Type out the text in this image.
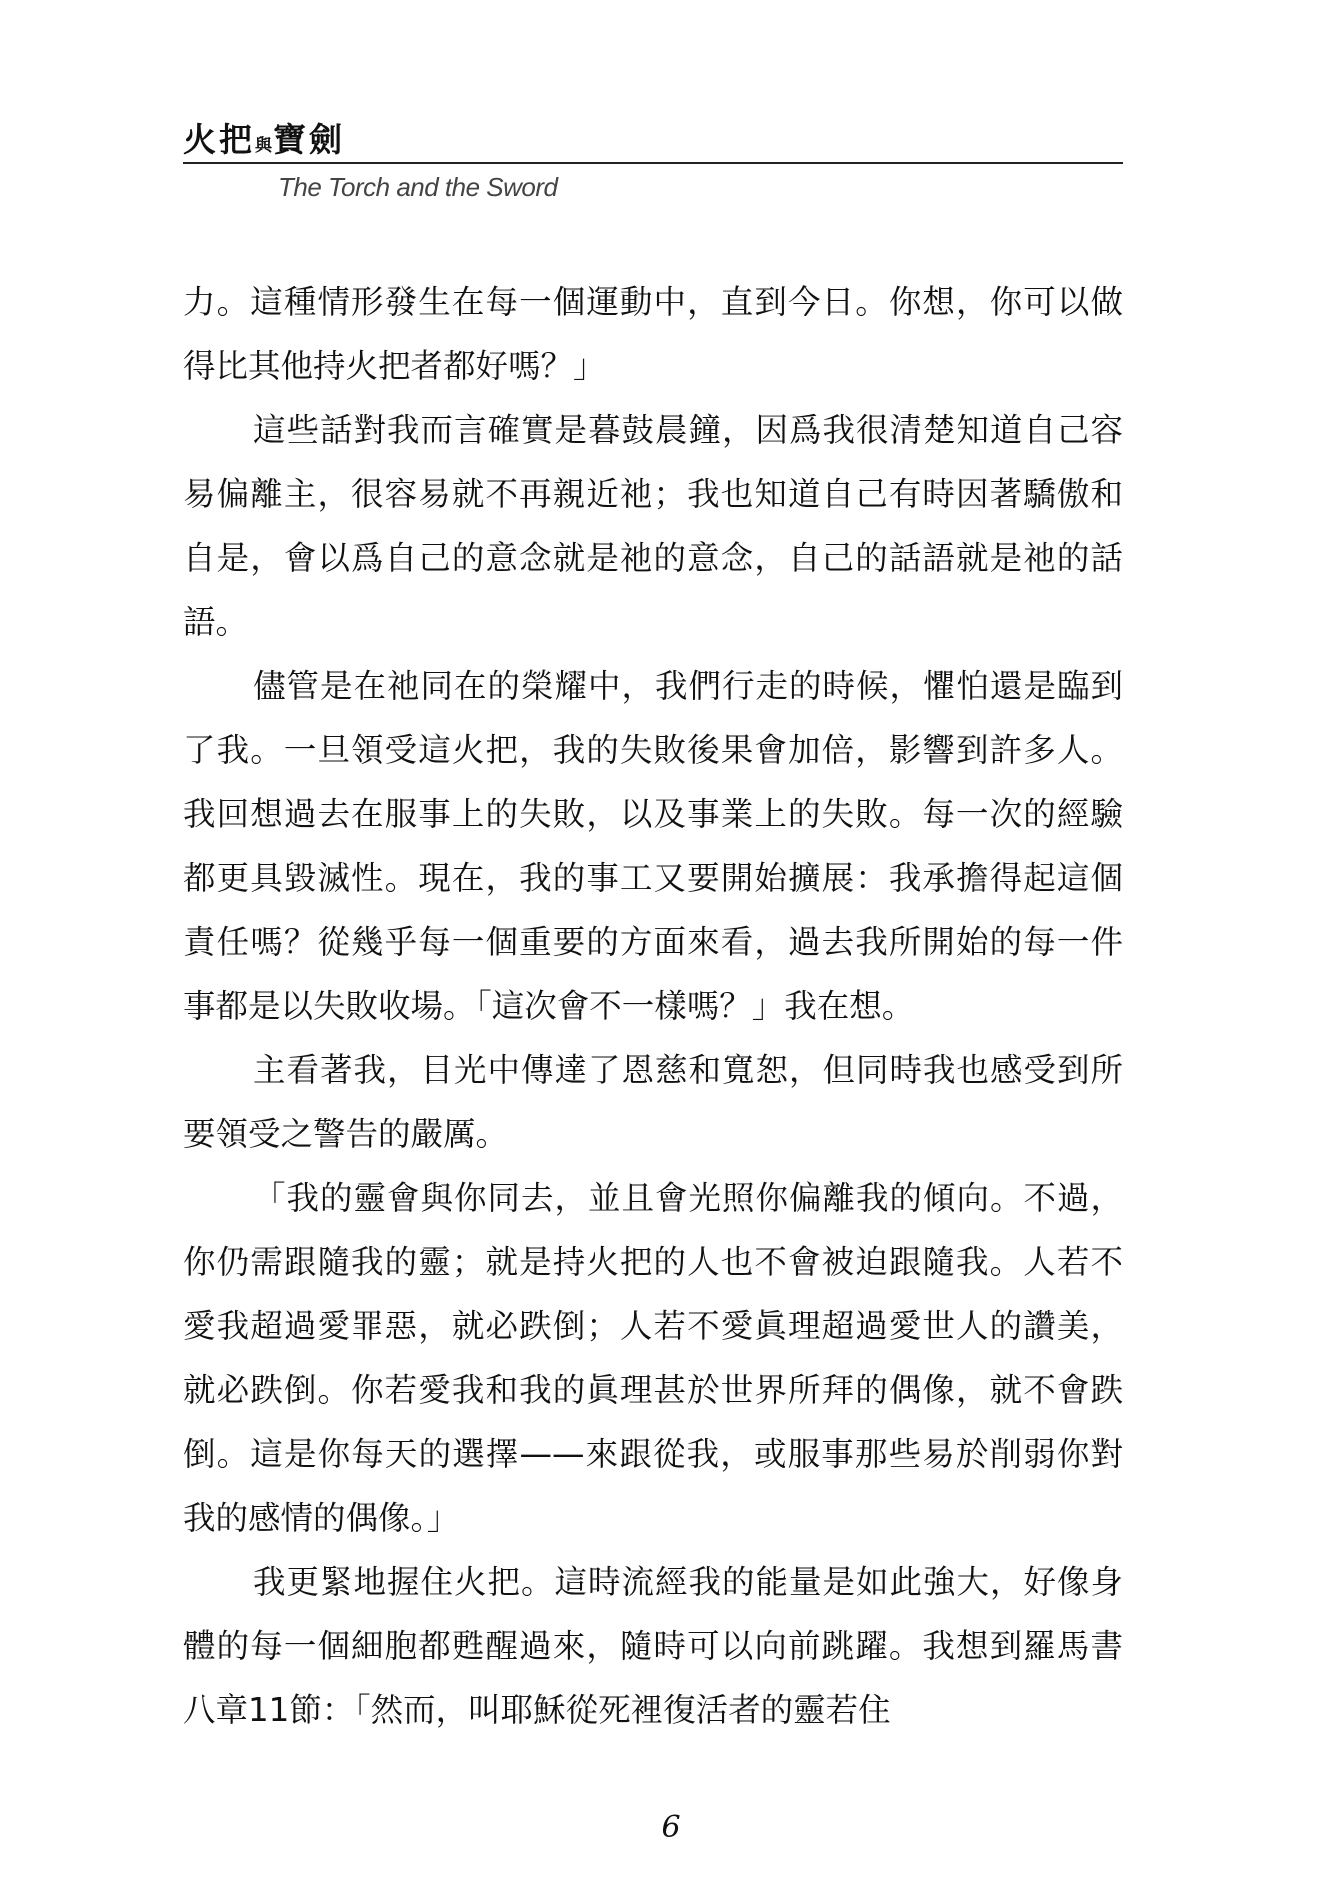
火把與寶劍
The Torch and the Sword

力。這種情形發生在每一個運動中，直到今日。你想，你可以做得比其他持火把者都好嗎？」

這些話對我而言確實是暮鼓晨鐘，因爲我很清楚知道自己容易偏離主，很容易就不再親近祂；我也知道自己有時因著驕傲和自是，會以爲自己的意念就是祂的意念，自己的話語就是祂的話語。

儘管是在祂同在的榮耀中，我們行走的時候，懼怕還是臨到了我。一旦領受這火把，我的失敗後果會加倍，影響到許多人。我回想過去在服事上的失敗，以及事業上的失敗。每一次的經驗都更具毀滅性。現在，我的事工又要開始擴展：我承擔得起這個責任嗎？從幾乎每一個重要的方面來看，過去我所開始的每一件事都是以失敗收場。「這次會不一樣嗎？」我在想。

主看著我，目光中傳達了恩慈和寬恕，但同時我也感受到所要領受之警告的嚴厲。

「我的靈會與你同去，並且會光照你偏離我的傾向。不過，你仍需跟隨我的靈；就是持火把的人也不會被迫跟隨我。人若不愛我超過愛罪惡，就必跌倒；人若不愛眞理超過愛世人的讚美，就必跌倒。你若愛我和我的眞理甚於世界所拜的偶像，就不會跌倒。這是你每天的選擇——來跟從我，或服事那些易於削弱你對我的感情的偶像。」

我更緊地握住火把。這時流經我的能量是如此強大，好像身體的每一個細胞都甦醒過來，隨時可以向前跳躍。我想到羅馬書八章11節：「然而，叫耶穌從死裡復活者的靈若住

6
